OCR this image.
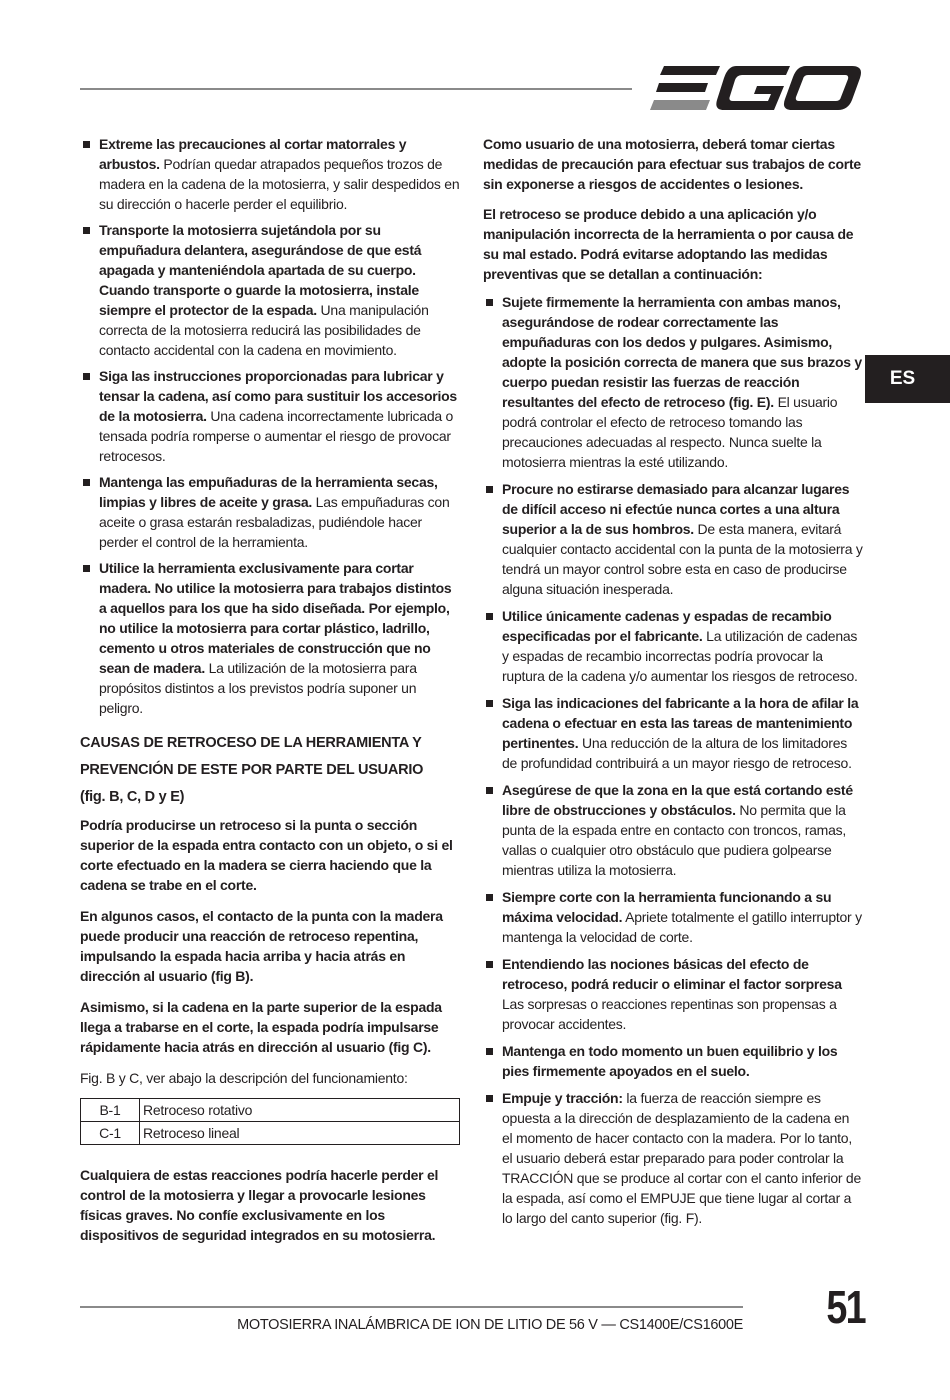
ES
Extreme las precauciones al cortar matorrales y arbustos. Podrían quedar atrapados pequeños trozos de madera en la cadena de la motosierra, y salir despedidos en su dirección o hacerle perder el equilibrio.
Transporte la motosierra sujetándola por su empuñadura delantera, asegurándose de que está apagada y manteniéndola apartada de su cuerpo. Cuando transporte o guarde la motosierra, instale siempre el protector de la espada. Una manipulación correcta de la motosierra reducirá las posibilidades de contacto accidental con la cadena en movimiento.
Siga las instrucciones proporcionadas para lubricar y tensar la cadena, así como para sustituir los accesorios de la motosierra. Una cadena incorrectamente lubricada o tensada podría romperse o aumentar el riesgo de provocar retrocesos.
Mantenga las empuñaduras de la herramienta secas, limpias y libres de aceite y grasa. Las empuñaduras con aceite o grasa estarán resbaladizas, pudiéndole hacer perder el control de la herramienta.
Utilice la herramienta exclusivamente para cortar madera. No utilice la motosierra para trabajos distintos a aquellos para los que ha sido diseñada. Por ejemplo, no utilice la motosierra para cortar plástico, ladrillo, cemento u otros materiales de construcción que no sean de madera. La utilización de la motosierra para propósitos distintos a los previstos podría suponer un peligro.
CAUSAS DE RETROCESO DE LA HERRAMIENTA Y
PREVENCIÓN DE ESTE POR PARTE DEL USUARIO
(fig. B, C, D y E)

Podría producirse un retroceso si la punta o sección superior de la espada entra contacto con un objeto, o si el corte efectuado en la madera se cierra haciendo que la cadena se trabe en el corte.

En algunos casos, el contacto de la punta con la madera puede producir una reacción de retroceso repentina, impulsando la espada hacia arriba y hacia atrás en dirección al usuario (fig B).

Asimismo, si la cadena en la parte superior de la espada llega a trabarse en el corte, la espada podría impulsarse rápidamente hacia atrás en dirección al usuario (fig C).

Fig. B y C, ver abajo la descripción del funcionamiento:

B-1	Retroceso rotativo
C-1	Retroceso lineal

Cualquiera de estas reacciones podría hacerle perder el control de la motosierra y llegar a provocarle lesiones físicas graves. No confíe exclusivamente en los dispositivos de seguridad integrados en su motosierra.

Como usuario de una motosierra, deberá tomar ciertas medidas de precaución para efectuar sus trabajos de corte sin exponerse a riesgos de accidentes o lesiones.

El retroceso se produce debido a una aplicación y/o manipulación incorrecta de la herramienta o por causa de su mal estado. Podrá evitarse adoptando las medidas preventivas que se detallan a continuación:

Sujete firmemente la herramienta con ambas manos, asegurándose de rodear correctamente las empuñaduras con los dedos y pulgares. Asimismo, adopte la posición correcta de manera que sus brazos y cuerpo puedan resistir las fuerzas de reacción resultantes del efecto de retroceso (fig. E). El usuario podrá controlar el efecto de retroceso tomando las precauciones adecuadas al respecto. Nunca suelte la motosierra mientras la esté utilizando.
Procure no estirarse demasiado para alcanzar lugares de difícil acceso ni efectúe nunca cortes a una altura superior a la de sus hombros. De esta manera, evitará cualquier contacto accidental con la punta de la motosierra y tendrá un mayor control sobre esta en caso de producirse alguna situación inesperada.
Utilice únicamente cadenas y espadas de recambio especificadas por el fabricante. La utilización de cadenas y espadas de recambio incorrectas podría provocar la ruptura de la cadena y/o aumentar los riesgos de retroceso.
Siga las indicaciones del fabricante a la hora de afilar la cadena o efectuar en esta las tareas de mantenimiento pertinentes. Una reducción de la altura de los limitadores de profundidad contribuirá a un mayor riesgo de retroceso.
Asegúrese de que la zona en la que está cortando esté libre de obstrucciones y obstáculos. No permita que la punta de la espada entre en contacto con troncos, ramas, vallas o cualquier otro obstáculo que pudiera golpearse mientras utiliza la motosierra.
Siempre corte con la herramienta funcionando a su máxima velocidad. Apriete totalmente el gatillo interruptor y mantenga la velocidad de corte.
Entendiendo las nociones básicas del efecto de retroceso, podrá reducir o eliminar el factor sorpresa Las sorpresas o reacciones repentinas son propensas a provocar accidentes.
Mantenga en todo momento un buen equilibrio y los pies firmemente apoyados en el suelo.
Empuje y tracción: la fuerza de reacción siempre es opuesta a la dirección de desplazamiento de la cadena en el momento de hacer contacto con la madera. Por lo tanto, el usuario deberá estar preparado para poder controlar la TRACCIÓN que se produce al cortar con el canto inferior de la espada, así como el EMPUJE que tiene lugar al cortar a lo largo del canto superior (fig. F).
MOTOSIERRA INALÁMBRICA DE ION DE LITIO DE 56 V — CS1400E/CS1600E 51
